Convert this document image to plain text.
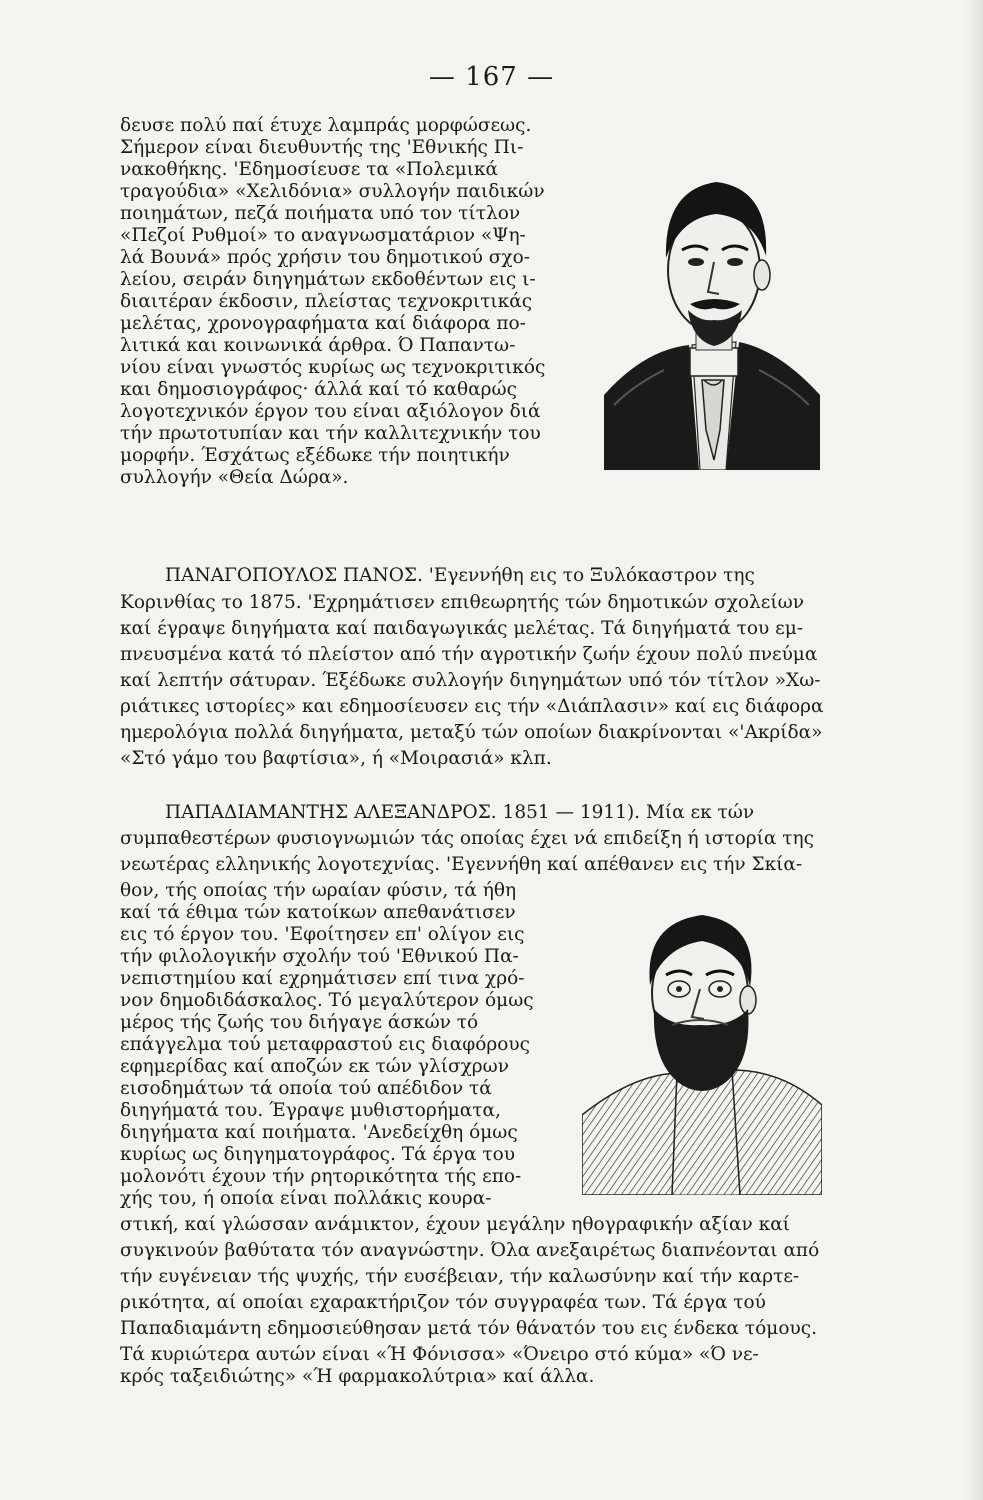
— 167 —
δευσε πολύ παί έτυχε λαμπράς μορφώσεως.
Σήμερον είναι διευθυντής της 'Εθνικής Πι-
νακοθήκης. 'Εδημοσίευσε τα «Πολεμικά
τραγούδια» «Χελιδόνια» συλλογήν παιδικών
ποιημάτων, πεζά ποιήματα υπό τον τίτλον
«Πεζοί Ρυθμοί» το αναγνωσματάριον «Ψη-
λά Βουνά» πρός χρήσιν του δημοτικού σχο-
λείου, σειράν διηγημάτων εκδοθέντων εις ι-
διαιτέραν έκδοσιν, πλείστας τεχνοκριτικάς
μελέτας, χρονογραφήματα καί διάφορα πο-
λιτικά και κοινωνικά άρθρα. Ό Παπαντω-
νίου είναι γνωστός κυρίως ως τεχνοκριτικός
και δημοσιογράφος· άλλά καί τό καθαρώς
λογοτεχνικόν έργον του είναι αξιόλογον διά
τήν πρωτοτυπίαν και τήν καλλιτεχνικήν του
μορφήν. Έσχάτως εξέδωκε τήν ποιητικήν
συλλογήν «Θεία Δώρα».
ΠΑΝΑΓΟΠΟΥΛΟΣ ΠΑΝΟΣ. 'Εγεννήθη εις το Ξυλόκαστρον της
Κορινθίας το 1875. 'Εχρημάτισεν επιθεωρητής τών δημοτικών σχολείων
καί έγραψε διηγήματα καί παιδαγωγικάς μελέτας. Τά διηγήματά του εμ-
πνευσμένα κατά τό πλείστον από τήν αγροτικήν ζωήν έχουν πολύ πνεύμα
καί λεπτήν σάτυραν. Έξέδωκε συλλογήν διηγημάτων υπό τόν τίτλον »Χω-
ριάτικες ιστορίες» και εδημοσίευσεν εις τήν «Διάπλασιν» καί εις διάφορα
ημερολόγια πολλά διηγήματα, μεταξύ τών οποίων διακρίνονται «'Ακρίδα»
«Στό γάμο του βαφτίσια», ή «Μοιρασιά» κλπ.
ΠΑΠΑΔΙΑΜΑΝΤΗΣ ΑΛΕΞΑΝΔΡΟΣ. 1851 — 1911). Μία εκ τών
συμπαθεστέρων φυσιογνωμιών τάς οποίας έχει νά επιδείξη ή ιστορία της
νεωτέρας ελληνικής λογοτεχνίας. 'Εγεννήθη καί απέθανεν εις τήν Σκία-
θον, τής οποίας τήν ωραίαν φύσιν, τά ήθη
καί τά έθιμα τών κατοίκων απεθανάτισεν
εις τό έργον του. 'Εφοίτησεν επ' ολίγον εις
τήν φιλολογικήν σχολήν τού 'Εθνικού Πα-
νεπιστημίου καί εχρημάτισεν επί τινα χρό-
νον δημοδιδάσκαλος. Τό μεγαλύτερον όμως
μέρος τής ζωής του διήγαγε άσκών τό
επάγγελμα τού μεταφραστού εις διαφόρους
εφημερίδας καί αποζών εκ τών γλίσχρων
εισοδημάτων τά οποία τού απέδιδον τά
διηγήματά του. Έγραψε μυθιστορήματα,
διηγήματα καί ποιήματα. 'Ανεδείχθη όμως
κυρίως ως διηγηματογράφος. Τά έργα του
μολονότι έχουν τήν ρητορικότητα τής επο-
χής του, ή οποία είναι πολλάκις κουρα-
στική, καί γλώσσαν ανάμικτον, έχουν μεγάλην ηθογραφικήν αξίαν καί
συγκινούν βαθύτατα τόν αναγνώστην. Όλα ανεξαιρέτως διαπνέονται από
τήν ευγένειαν τής ψυχής, τήν ευσέβειαν, τήν καλωσύνην καί τήν καρτε-
ρικότητα, αί οποίαι εχαρακτήριζον τόν συγγραφέα των. Τά έργα τού
Παπαδιαμάντη εδημοσιεύθησαν μετά τόν θάνατόν του εις ένδεκα τόμους.
Τά κυριώτερα αυτών είναι «Ή Φόνισσα» «Όνειρο στό κύμα» «Ό νε-
κρός ταξειδιώτης» «Ή φαρμακολύτρια» καί άλλα.
